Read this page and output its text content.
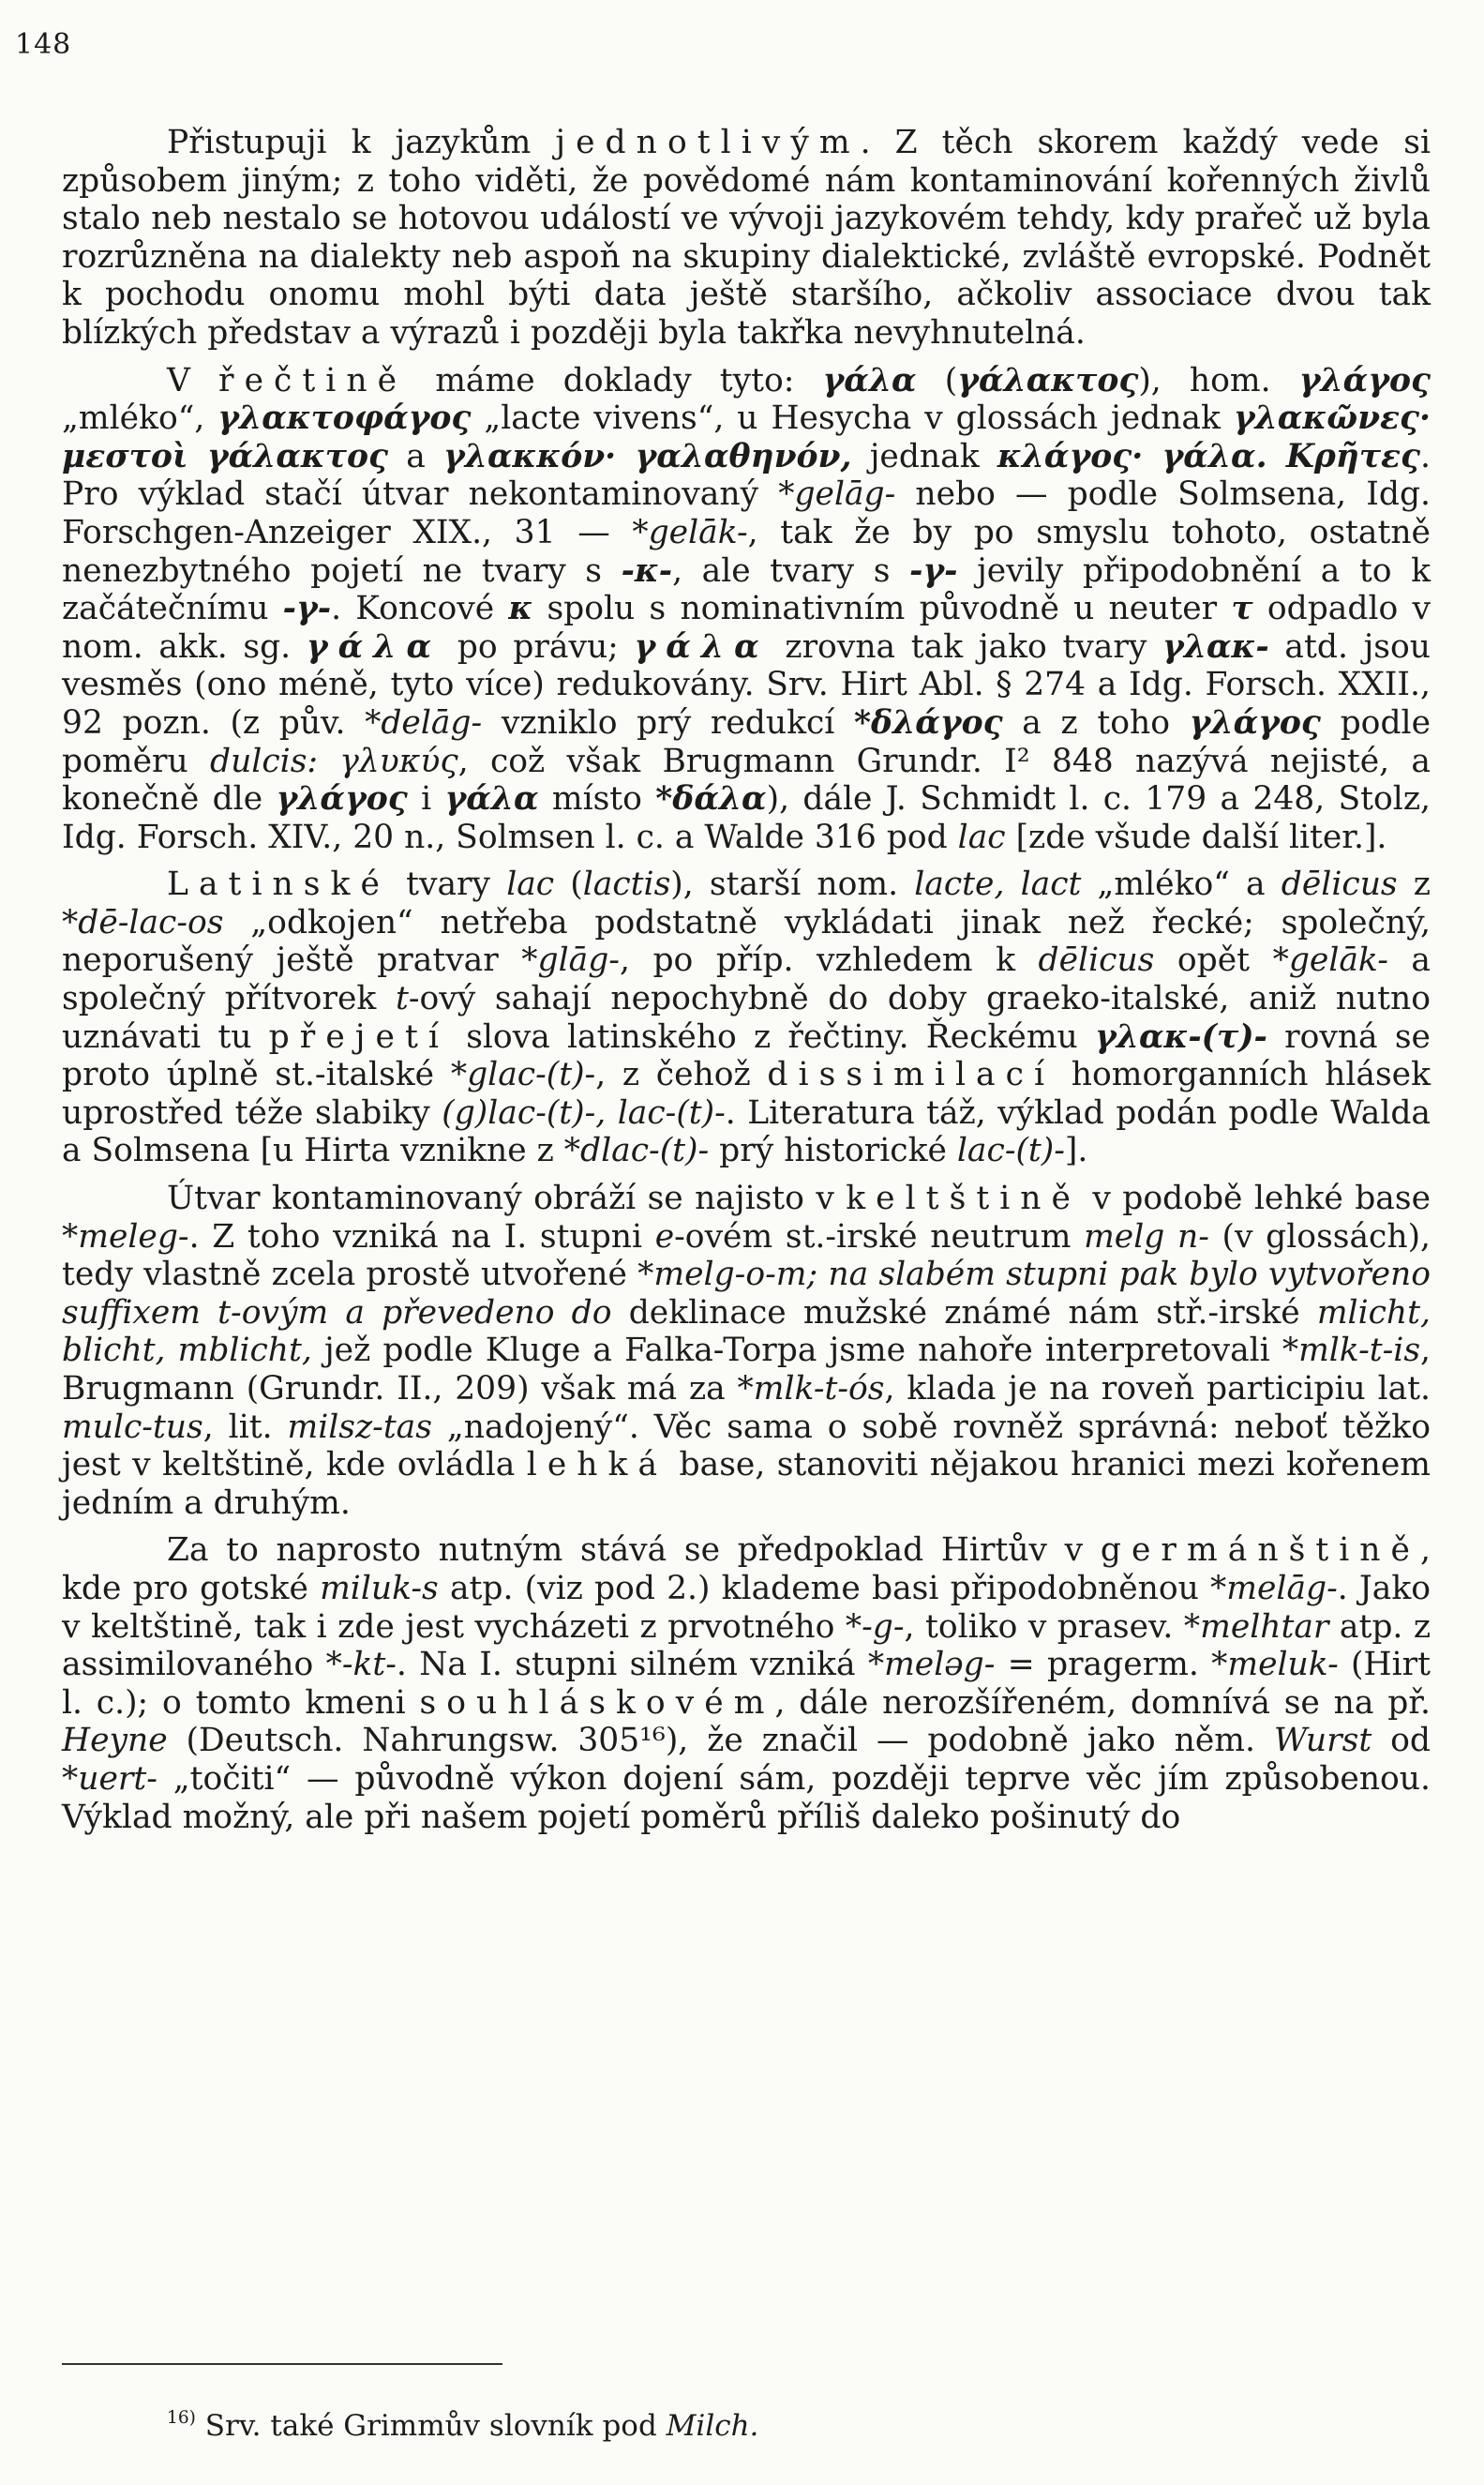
148

Přistupuji k jazykům jednotlivým. Z těch skorem každý vede si způsobem jiným; z toho viděti, že povědomé nám kontaminování kořenných živlů stalo neb nestalo se hotovou událostí ve vývoji jazykovém tehdy, kdy prařeč už byla rozrůzněna na dialekty neb aspoň na skupiny dialektické, zvláště evropské. Podnět k pochodu onomu mohl býti data ještě staršího, ačkoliv associace dvou tak blízkých představ a výrazů i později byla takřka nevyhnutelná.

V řečtině máme doklady tyto: γάλα (γάλακτος), hom. γλάγος „mléko“, γλακτοφάγος „lacte vivens“, u Hesycha v glossách jednak γλακῶνες· μεστοὶ γάλακτος a γλακκόν· γαλαθηνόν, jednak κλάγος· γάλα. Κρῆτες. Pro výklad stačí útvar nekontaminovaný *gelāg- nebo — podle Solmsena, Idg. Forschgen-Anzeiger XIX., 31 — *gelāk-, tak že by po smyslu tohoto, ostatně nenezbytného pojetí ne tvary s -κ-, ale tvary s -γ- jevily připodobnění a to k začátečnímu -γ-. Koncové κ spolu s nominativním původně u neuter τ odpadlo v nom. akk. sg. γάλα po právu; γάλα zrovna tak jako tvary γλακ- atd. jsou vesměs (ono méně, tyto více) redukovány. Srv. Hirt Abl. § 274 a Idg. Forsch. XXII., 92 pozn. (z pův. *delāg- vzniklo prý redukcí *δλάγος a z toho γλάγος podle poměru dulcis: γλυκύς, což však Brugmann Grundr. I² 848 nazývá nejisté, a konečně dle γλάγος i γάλα místo *δάλα), dále J. Schmidt l. c. 179 a 248, Stolz, Idg. Forsch. XIV., 20 n., Solmsen l. c. a Walde 316 pod lac [zde všude další liter.].

Latinské tvary lac (lactis), starší nom. lacte, lact „mléko“ a dēlicus z *dē-lac-os „odkojen“ netřeba podstatně vykládati jinak než řecké; společný, neporušený ještě pratvar *glāg-, po příp. vzhledem k dēlicus opět *gelāk- a společný přítvorek t-ový sahají nepochybně do doby graeko-italské, aniž nutno uznávati tu přejetí slova latinského z řečtiny. Řeckému γλακ-(τ)- rovná se proto úplně st.-italské *glac-(t)-, z čehož dissimilací homorganních hlásek uprostřed téže slabiky (g)lac-(t)-, lac-(t)-. Literatura táž, výklad podán podle Walda a Solmsena [u Hirta vznikne z *dlac-(t)- prý historické lac-(t)-].

Útvar kontaminovaný obráží se najisto v keltštině v podobě lehké base *meleg-. Z toho vzniká na I. stupni e-ovém st.-irské neutrum melg n- (v glossách), tedy vlastně zcela prostě utvořené *melg-o-m; na slabém stupni pak bylo vytvořeno suffixem t-ovým a převedeno do deklinace mužské známé nám stř.-irské mlicht, blicht, mblicht, jež podle Kluge a Falka-Torpa jsme nahoře interpretovali *mlk-t-is, Brugmann (Grundr. II., 209) však má za *mlk-t-ós, klada je na roveň participiu lat. mulc-tus, lit. milsz-tas „nadojený“. Věc sama o sobě rovněž správná: neboť těžko jest v keltštině, kde ovládla lehká base, stanoviti nějakou hranici mezi kořenem jedním a druhým.

Za to naprosto nutným stává se předpoklad Hirtův v germánštině, kde pro gotské miluk-s atp. (viz pod 2.) klademe basi připodobněnou *melāg-. Jako v keltštině, tak i zde jest vycházeti z prvotného *-g-, toliko v prasev. *melhtar atp. z assimilovaného *-kt-. Na I. stupni silném vzniká *meləg- = pragerm. *meluk- (Hirt l. c.); o tomto kmeni souhláskovém, dále nerozšířeném, domnívá se na př. Heyne (Deutsch. Nahrungsw. 305¹⁶), že značil — podobně jako něm. Wurst od *uert- „točiti“ — původně výkon dojení sám, později teprve věc jím způsobenou. Výklad možný, ale při našem pojetí poměrů příliš daleko pošinutý do

$^{16)}$ Srv. také Grimmův slovník pod Milch.
